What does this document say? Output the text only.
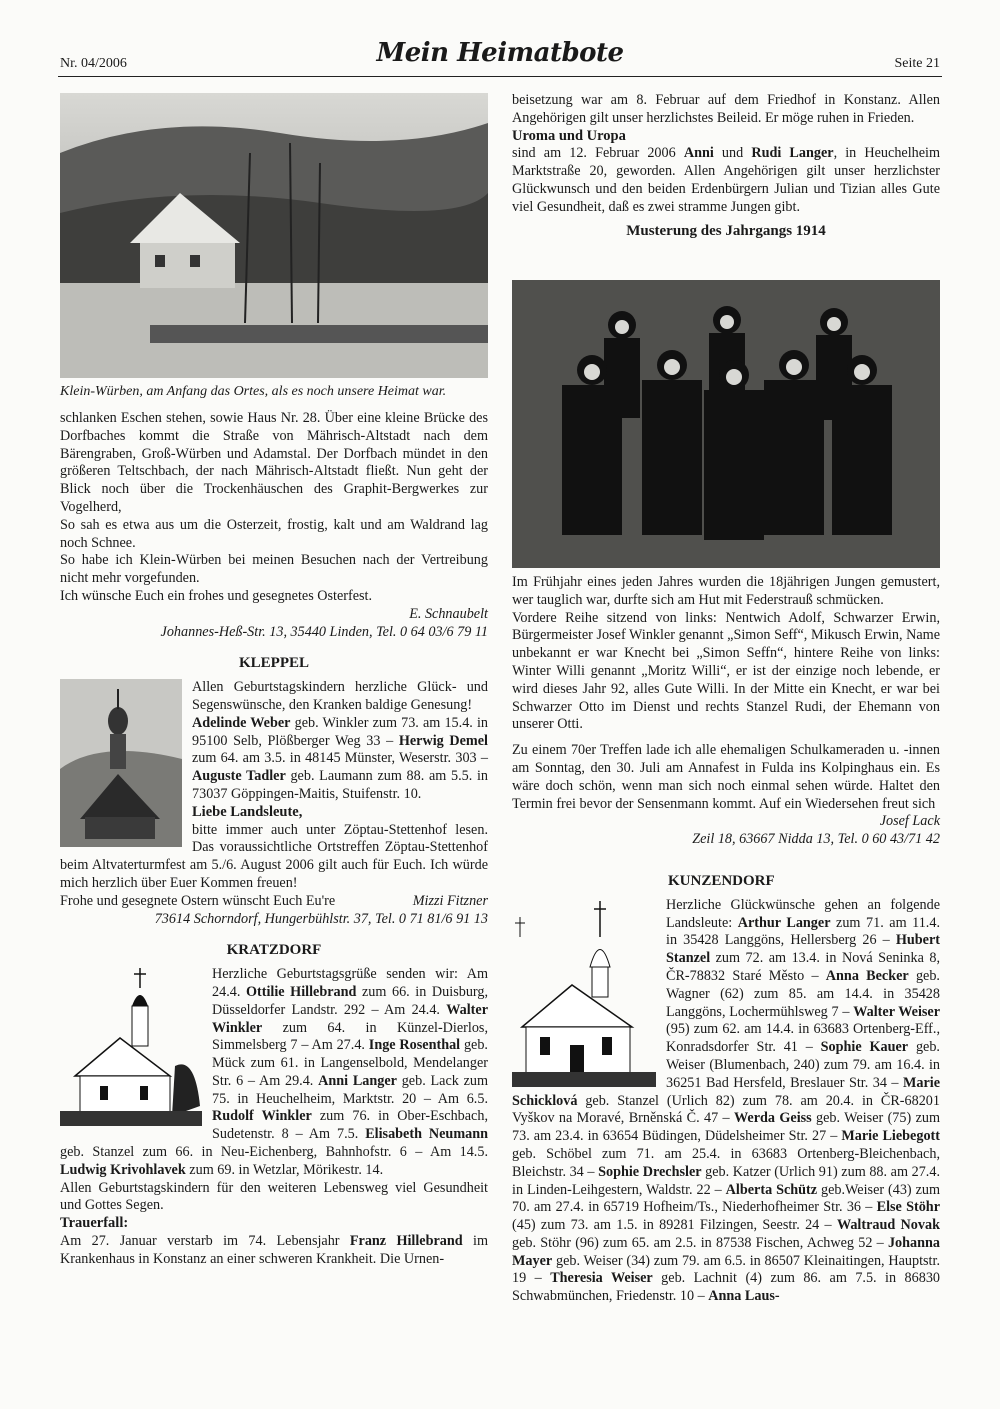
Nr. 04/2006	Mein Heimatbote	Seite 21
Klein-Würben, am Anfang das Ortes, als es noch unsere Heimat war.

schlanken Eschen stehen, sowie Haus Nr. 28. Über eine kleine Brücke des Dorfbaches kommt die Straße von Mährisch-Altstadt nach dem Bärengraben, Groß-Würben und Adamstal. Der Dorfbach mündet in den größeren Teltschbach, der nach Mährisch-Altstadt fließt. Nun geht der Blick noch über die Trockenhäuschen des Graphit-Bergwerkes zur Vogelherd,

So sah es etwa aus um die Osterzeit, frostig, kalt und am Waldrand lag noch Schnee.

So habe ich Klein-Würben bei meinen Besuchen nach der Vertreibung nicht mehr vorgefunden.

Ich wünsche Euch ein frohes und gesegnetes Osterfest.

E. Schnaubelt

Johannes-Heß-Str. 13, 35440 Linden, Tel. 0 64 03/6 79 11

KLEPPEL

Allen Geburtstagskindern herzliche Glück- und Segenswünsche, den Kranken baldige Genesung!

Adelinde Weber geb. Winkler zum 73. am 15.4. in 95100 Selb, Plößberger Weg 33 – Herwig Demel zum 64. am 3.5. in 48145 Münster, Weserstr. 303 – Auguste Tadler geb. Laumann zum 88. am 5.5. in 73037 Göppingen-Maitis, Stuifenstr. 10.

Liebe Landsleute,

bitte immer auch unter Zöptau-Stettenhof lesen. Das voraussichtliche Ortstreffen Zöptau-Stettenhof beim Altvaterturmfest am 5./6. August 2006 gilt auch für Euch. Ich würde mich herzlich über Euer Kommen freuen!

Frohe und gesegnete Ostern wünscht Euch Eu're	Mizzi Fitzner

73614 Schorndorf, Hungerbühlstr. 37, Tel. 0 71 81/6 91 13

KRATZDORF

Herzliche Geburtstagsgrüße senden wir: Am 24.4. Ottilie Hillebrand zum 66. in Duisburg, Düsseldorfer Landstr. 292 – Am 24.4. Walter Winkler zum 64. in Künzel-Dierlos, Simmelsberg 7 – Am 27.4. Inge Rosenthal geb. Mück zum 61. in Langenselbold, Mendelanger Str. 6 – Am 29.4. Anni Langer geb. Lack zum 75. in Heuchelheim, Marktstr. 20 – Am 6.5. Rudolf Winkler zum 76. in Ober-Eschbach, Sudetenstr. 8 – Am 7.5. Elisabeth Neumann geb. Stanzel zum 66. in Neu-Eichenberg, Bahnhofstr. 6 – Am 14.5. Ludwig Krivohlavek zum 69. in Wetzlar, Mörikestr. 14.

Allen Geburtstagskindern für den weiteren Lebensweg viel Gesundheit und Gottes Segen.

Trauerfall:

Am 27. Januar verstarb im 74. Lebensjahr Franz Hillebrand im Krankenhaus in Konstanz an einer schweren Krankheit. Die Urnen-

beisetzung war am 8. Februar auf dem Friedhof in Konstanz. Allen Angehörigen gilt unser herzlichstes Beileid. Er möge ruhen in Frieden.

Uroma und Uropa

sind am 12. Februar 2006 Anni und Rudi Langer, in Heuchelheim Marktstraße 20, geworden. Allen Angehörigen gilt unser herzlichster Glückwunsch und den beiden Erdenbürgern Julian und Tizian alles Gute viel Gesundheit, daß es zwei stramme Jungen gibt.

Musterung des Jahrgangs 1914

Im Frühjahr eines jeden Jahres wurden die 18jährigen Jungen gemustert, wer tauglich war, durfte sich am Hut mit Federstrauß schmücken.

Vordere Reihe sitzend von links: Nentwich Adolf, Schwarzer Erwin, Bürgermeister Josef Winkler genannt „Simon Seff“, Mikusch Erwin, Name unbekannt er war Knecht bei „Simon Seffn“, hintere Reihe von links: Winter Willi genannt „Moritz Willi“, er ist der einzige noch lebende, er wird dieses Jahr 92, alles Gute Willi. In der Mitte ein Knecht, er war bei Schwarzer Otto im Dienst und rechts Stanzel Rudi, der Ehemann von unserer Otti.

Zu einem 70er Treffen lade ich alle ehemaligen Schulkameraden u. -innen am Sonntag, den 30. Juli am Annafest in Fulda ins Kolpinghaus ein. Es wäre doch schön, wenn man sich noch einmal sehen würde. Haltet den Termin frei bevor der Sensenmann kommt. Auf ein Wiedersehen freut sich
Josef Lack

Zeil 18, 63667 Nidda 13, Tel. 0 60 43/71 42

KUNZENDORF

Herzliche Glückwünsche gehen an folgende Landsleute: Arthur Langer zum 71. am 11.4. in 35428 Langgöns, Hellersberg 26 – Hubert Stanzel zum 72. am 13.4. in Nová Seninka 8, ČR-78832 Staré Město – Anna Becker geb. Wagner (62) zum 85. am 14.4. in 35428 Langgöns, Lochermühlsweg 7 – Walter Weiser (95) zum 62. am 14.4. in 63683 Ortenberg-Eff., Konradsdorfer Str. 41 – Sophie Kauer geb. Weiser (Blumenbach, 240) zum 79. am 16.4. in 36251 Bad Hersfeld, Breslauer Str. 34 – Marie Schicklová geb. Stanzel (Urlich 82) zum 78. am 20.4. in ČR-68201 Vyškov na Moravé, Brněnská Č. 47 – Werda Geiss geb. Weiser (75) zum 73. am 23.4. in 63654 Büdingen, Düdelsheimer Str. 27 – Marie Liebegott geb. Schöbel zum 71. am 25.4. in 63683 Ortenberg-Bleichenbach, Bleichstr. 34 – Sophie Drechsler geb. Katzer (Urlich 91) zum 88. am 27.4. in Linden-Leihgestern, Waldstr. 22 – Alberta Schütz geb.Weiser (43) zum 70. am 27.4. in 65719 Hofheim/Ts., Niederhofheimer Str. 36 – Else Stöhr (45) zum 73. am 1.5. in 89281 Filzingen, Seestr. 24 – Waltraud Novak geb. Stöhr (96) zum 65. am 2.5. in 87538 Fischen, Achweg 52 – Johanna Mayer geb. Weiser (34) zum 79. am 6.5. in 86507 Kleinaitingen, Hauptstr. 19 – Theresia Weiser geb. Lachnit (4) zum 86. am 7.5. in 86830 Schwabmünchen, Friedenstr. 10 – Anna Laus-
